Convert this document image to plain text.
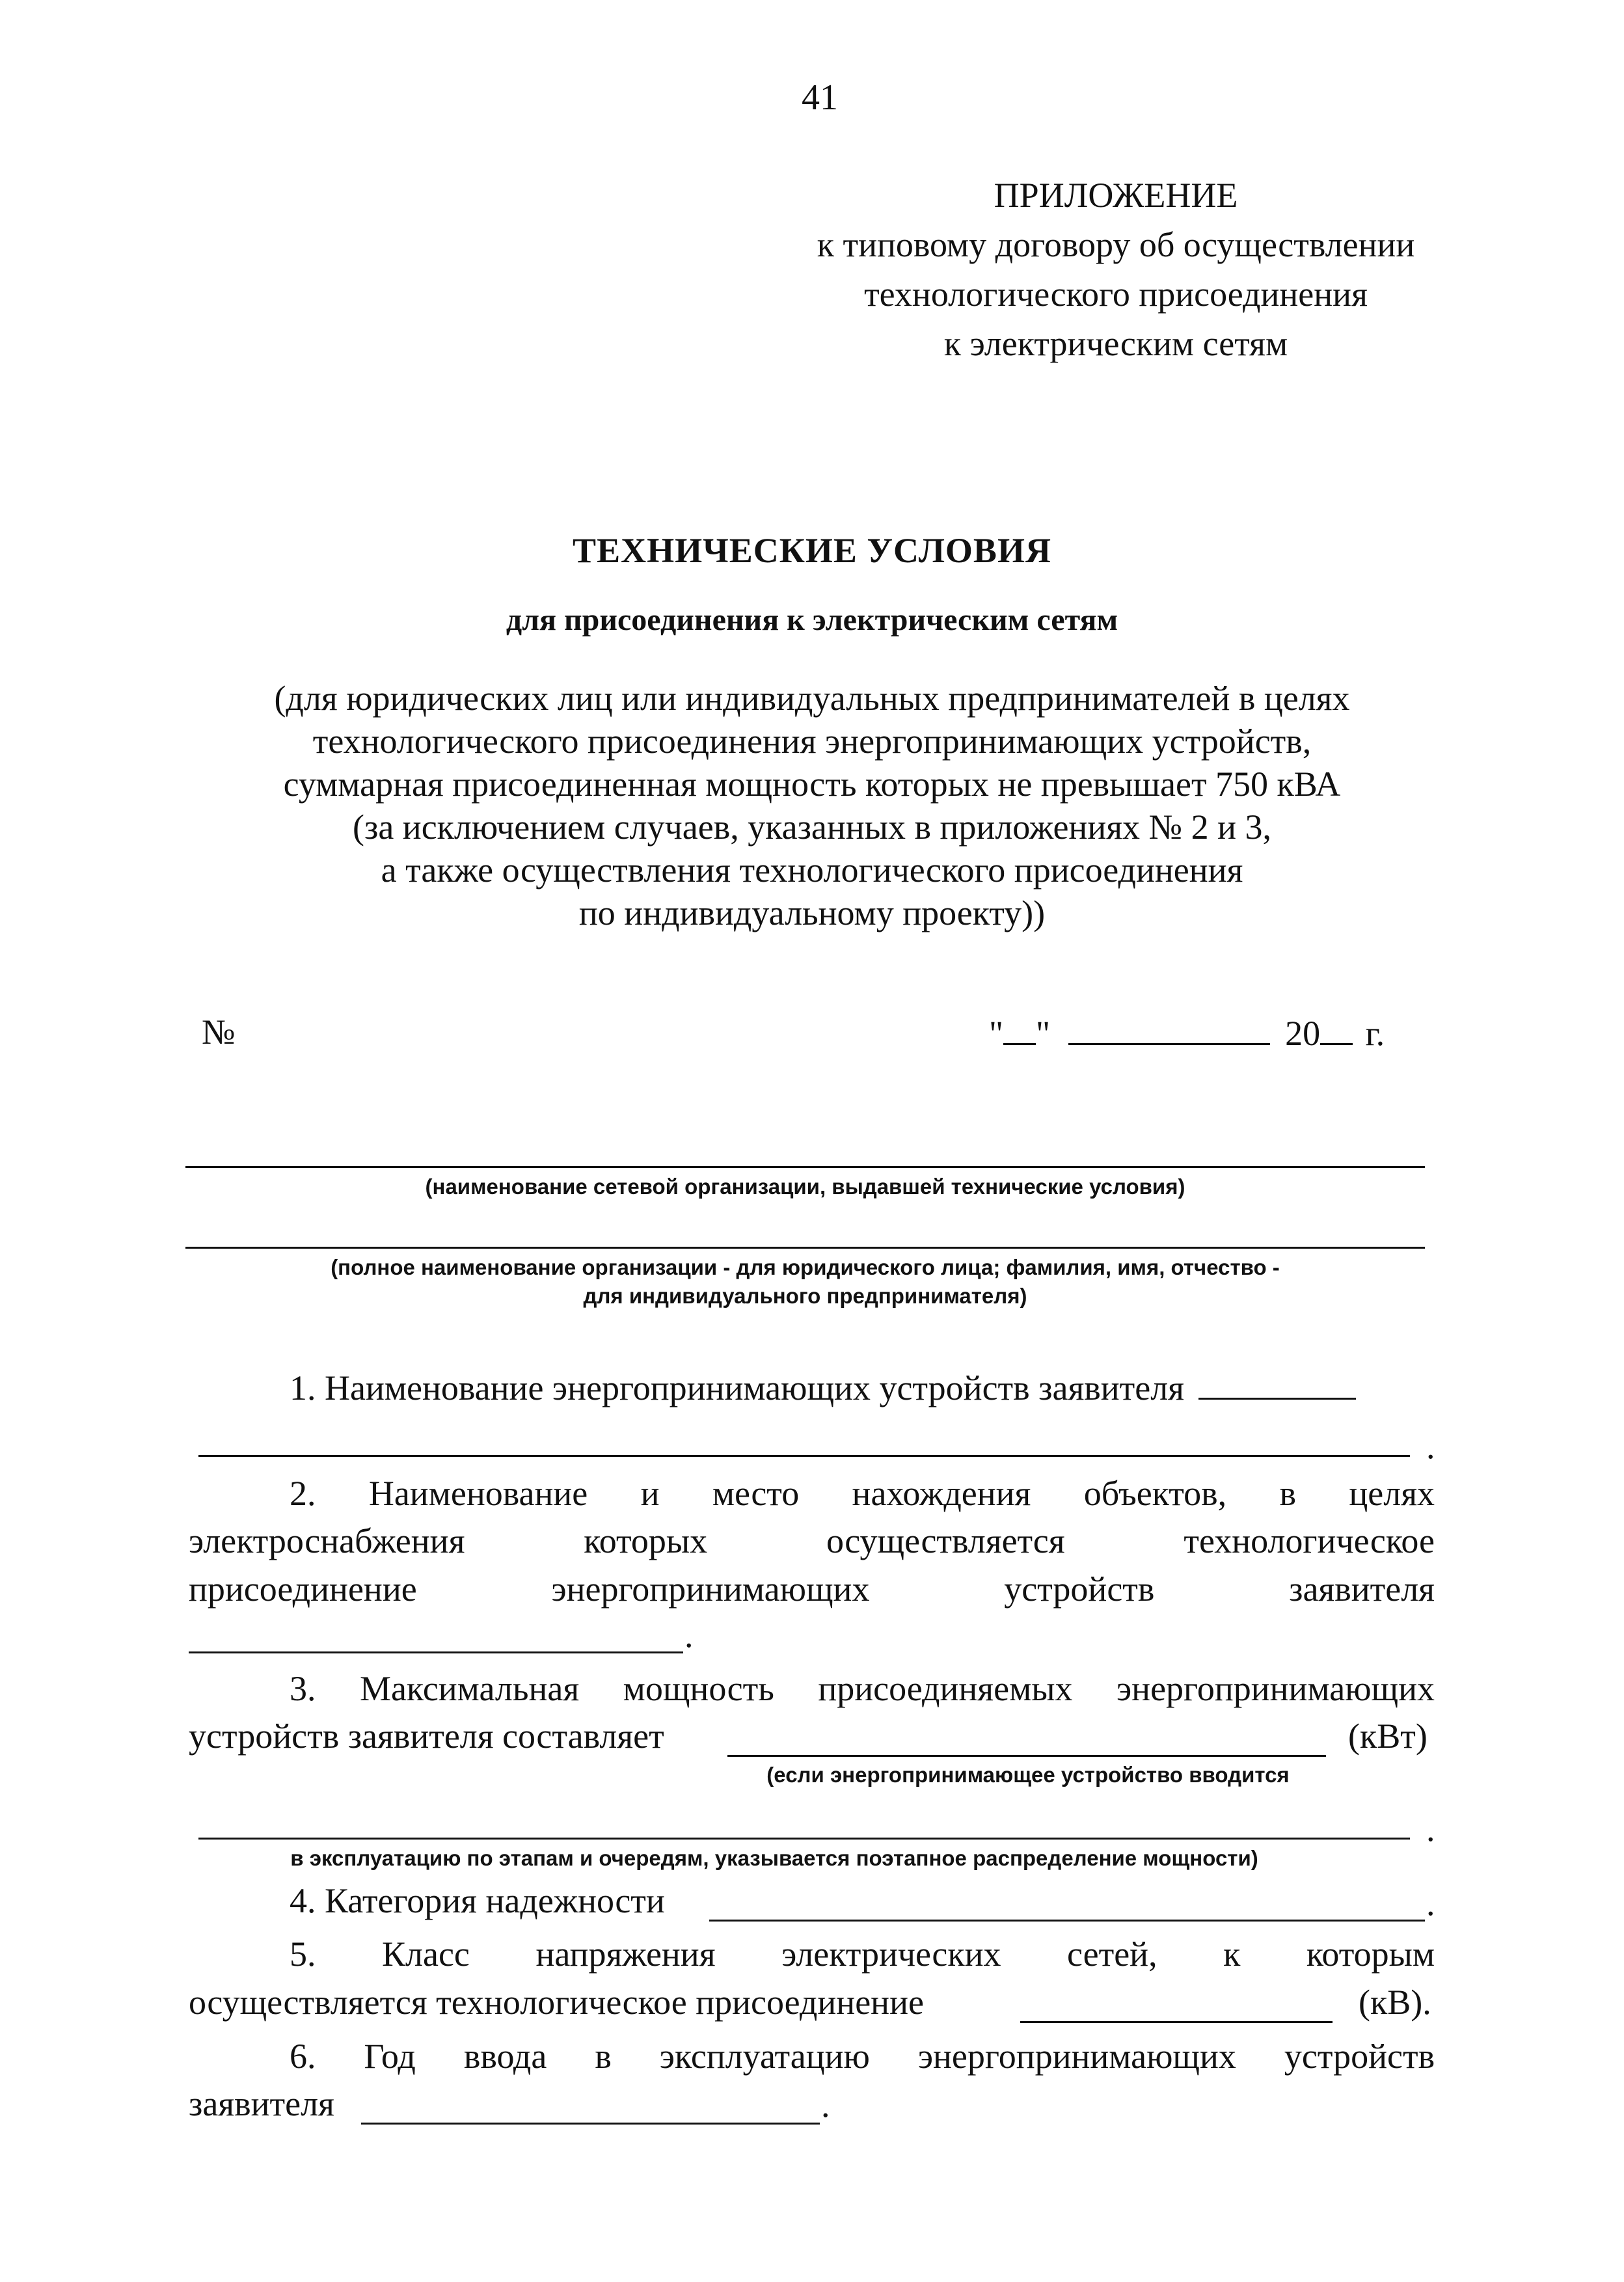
41
ПРИЛОЖЕНИЕ
к типовому договору об осуществлении
технологического присоединения
к электрическим сетям
ТЕХНИЧЕСКИЕ УСЛОВИЯ
для присоединения к электрическим сетям
(для юридических лиц или индивидуальных предпринимателей в целях
технологического присоединения энергопринимающих устройств,
суммарная присоединенная мощность которых не превышает 750 кВА
(за исключением случаев, указанных в приложениях № 2 и 3,
а также осуществления технологического присоединения
по индивидуальному проекту))
№	" "	20 г.
(наименование сетевой организации, выдавшей технические условия)
(полное наименование организации - для юридического лица; фамилия, имя, отчество -
для индивидуального предпринимателя)
1. Наименование энергопринимающих устройств заявителя
.
2. Наименование и место нахождения объектов, в целях
электроснабжения	которых	осуществляется	технологическое
присоединение	энергопринимающих	устройств	заявителя
.
3. Максимальная мощность присоединяемых энергопринимающих
устройств заявителя составляет	(кВт)
(если энергопринимающее устройство вводится
.
в эксплуатацию по этапам и очередям, указывается поэтапное распределение мощности)
4. Категория надежности	.
5. Класс напряжения электрических сетей, к которым
осуществляется технологическое присоединение	(кВ).
6. Год ввода в эксплуатацию энергопринимающих устройств
заявителя	.
